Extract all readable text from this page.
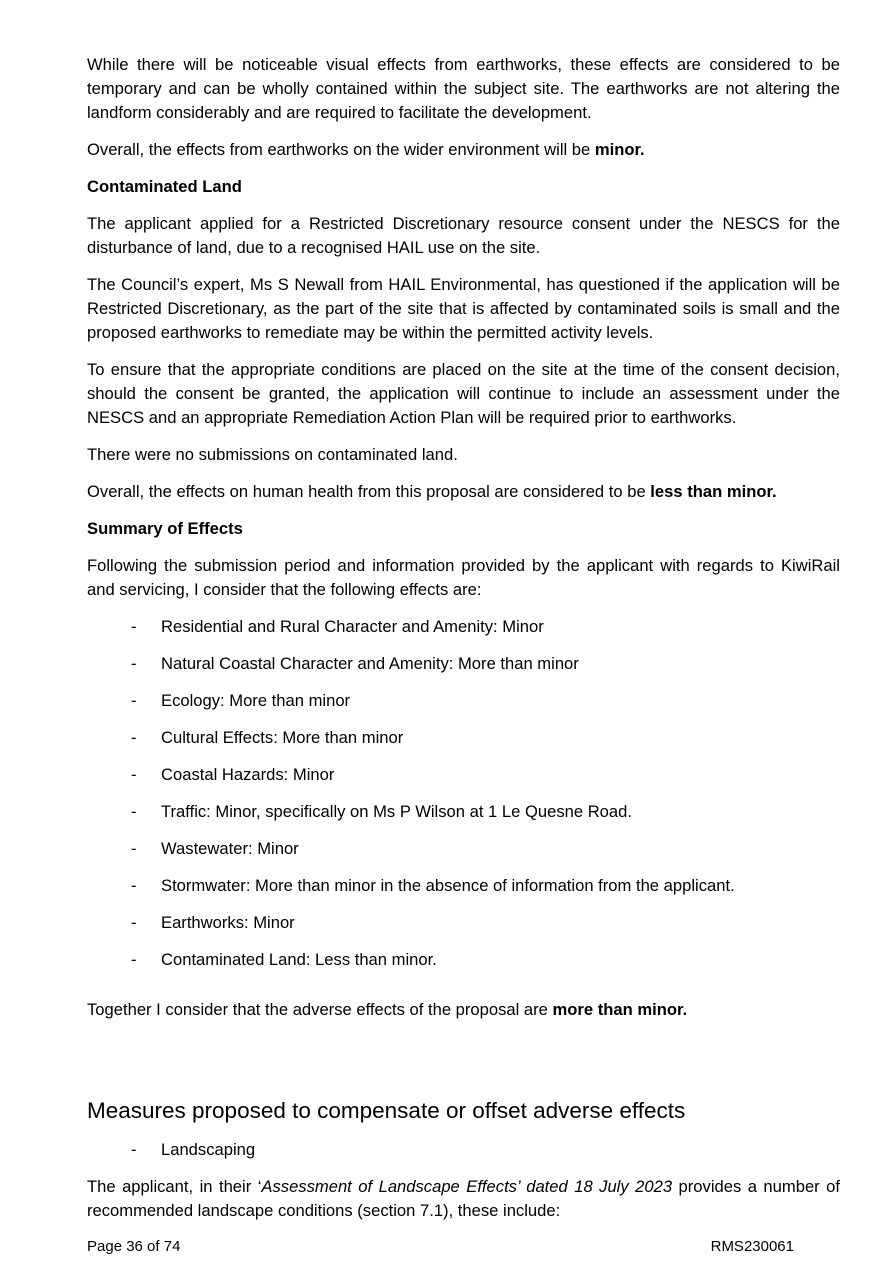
While there will be noticeable visual effects from earthworks, these effects are considered to be temporary and can be wholly contained within the subject site. The earthworks are not altering the landform considerably and are required to facilitate the development.

Overall, the effects from earthworks on the wider environment will be minor.

Contaminated Land

The applicant applied for a Restricted Discretionary resource consent under the NESCS for the disturbance of land, due to a recognised HAIL use on the site.

The Council’s expert, Ms S Newall from HAIL Environmental, has questioned if the application will be Restricted Discretionary, as the part of the site that is affected by contaminated soils is small and the proposed earthworks to remediate may be within the permitted activity levels.

To ensure that the appropriate conditions are placed on the site at the time of the consent decision, should the consent be granted, the application will continue to include an assessment under the NESCS and an appropriate Remediation Action Plan will be required prior to earthworks.

There were no submissions on contaminated land.

Overall, the effects on human health from this proposal are considered to be less than minor.

Summary of Effects

Following the submission period and information provided by the applicant with regards to KiwiRail and servicing, I consider that the following effects are:

- Residential and Rural Character and Amenity: Minor
- Natural Coastal Character and Amenity: More than minor
- Ecology: More than minor
- Cultural Effects: More than minor
- Coastal Hazards: Minor
- Traffic: Minor, specifically on Ms P Wilson at 1 Le Quesne Road.
- Wastewater: Minor
- Stormwater: More than minor in the absence of information from the applicant.
- Earthworks: Minor
- Contaminated Land: Less than minor.

Together I consider that the adverse effects of the proposal are more than minor.

Measures proposed to compensate or offset adverse effects
- Landscaping

The applicant, in their ‘Assessment of Landscape Effects’ dated 18 July 2023 provides a number of recommended landscape conditions (section 7.1), these include:

Page 36 of 74	RMS230061
